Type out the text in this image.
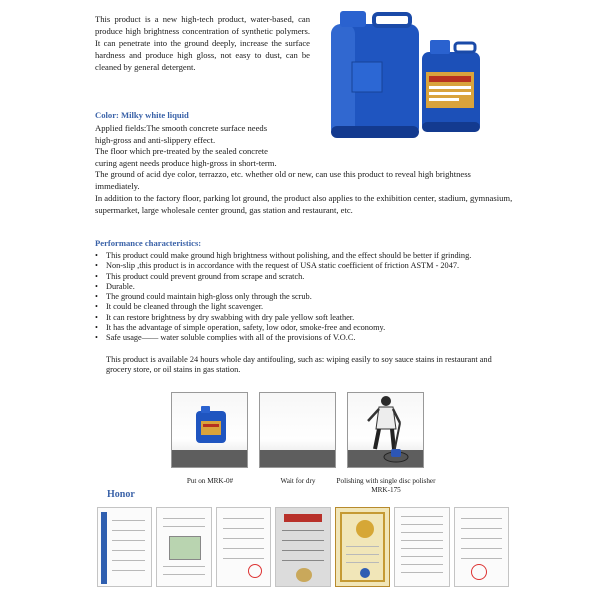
This product is a new high-tech product, water-based, can produce high brightness concentration of synthetic polymers. It can penetrate into the ground deeply, increase the surface hardness and produce high gloss, not easy to dust, can be cleaned by general detergent.
Color: Milky white liquid
Applied fields:The smooth concrete surface needs
high-gross and anti-slippery effect.
The floor which pre-treated by the sealed concrete
curing agent needs produce high-gross in short-term.
The ground of acid dye color, terrazzo, etc. whether old or new, can use this product to reveal high brightness immediately.
In addition to the factory floor, parking lot ground, the product also applies to the exhibition center, stadium, gymnasium, supermarket, large wholesale center ground, gas station and restaurant, etc.
Performance characteristics:
• This product could make ground high brightness without polishing, and the effect should be better if grinding.
• Non-slip ,this product is in accordance with the request of USA static coefficient of friction ASTM - 2047.
• This product could prevent ground from scrape and scratch.
• Durable.
• The ground could maintain high-gloss only through the scrub.
• It could be cleaned through the light scavenger.
• It can restore brightness by dry swabbing with dry pale yellow soft leather.
• It has the advantage of simple operation, safety, low odor, smoke-free and economy.
• Safe usage—— water soluble complies with all of the provisions of V.O.C.
This product is available 24 hours whole day antifouling, such as: wiping easily to soy sauce stains in restaurant and grocery store, or oil stains in gas station.
Put on MRK-0#	Wait for dry	Polishing with single disc polisher MRK-175
Honor
